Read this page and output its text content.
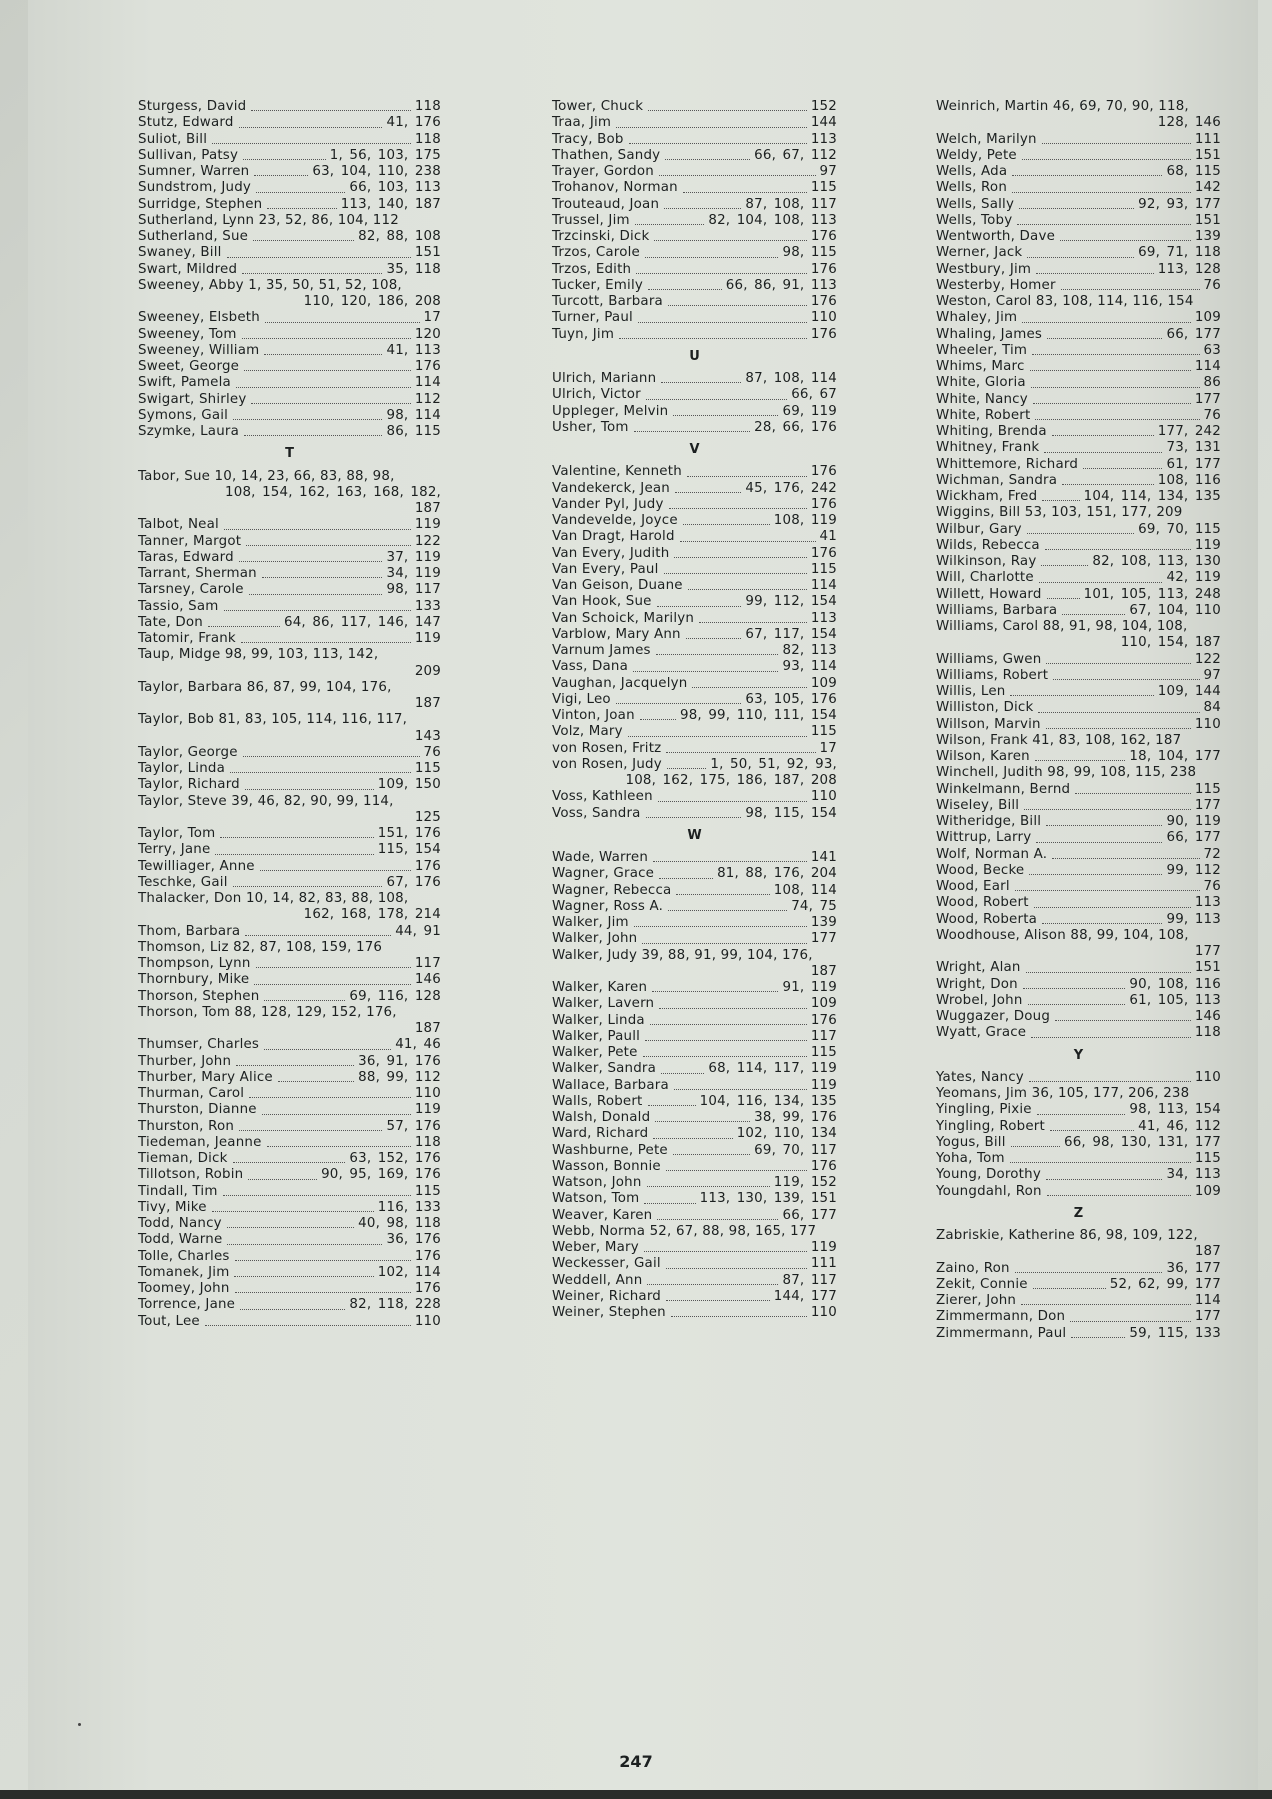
Sturgess, David	118
Stutz, Edward	41, 176
Suliot, Bill	118
Sullivan, Patsy	1, 56, 103, 175
Sumner, Warren	63, 104, 110, 238
Sundstrom, Judy	66, 103, 113
Surridge, Stephen	113, 140, 187
Sutherland, Lynn 23, 52, 86, 104, 112
Sutherland, Sue	82, 88, 108
Swaney, Bill	151
Swart, Mildred	35, 118
Sweeney, Abby 1, 35, 50, 51, 52, 108,
110, 120, 186, 208
Sweeney, Elsbeth	17
Sweeney, Tom	120
Sweeney, William	41, 113
Sweet, George	176
Swift, Pamela	114
Swigart, Shirley	112
Symons, Gail	98, 114
Szymke, Laura	86, 115
T
Tabor, Sue 10, 14, 23, 66, 83, 88, 98,
108, 154, 162, 163, 168, 182,
187
Talbot, Neal	119
Tanner, Margot	122
Taras, Edward	37, 119
Tarrant, Sherman	34, 119
Tarsney, Carole	98, 117
Tassio, Sam	133
Tate, Don	64, 86, 117, 146, 147
Tatomir, Frank	119
Taup, Midge 98, 99, 103, 113, 142,
209
Taylor, Barbara 86, 87, 99, 104, 176,
187
Taylor, Bob 81, 83, 105, 114, 116, 117,
143
Taylor, George	76
Taylor, Linda	115
Taylor, Richard	109, 150
Taylor, Steve 39, 46, 82, 90, 99, 114,
125
Taylor, Tom	151, 176
Terry, Jane	115, 154
Tewilliager, Anne	176
Teschke, Gail	67, 176
Thalacker, Don 10, 14, 82, 83, 88, 108,
162, 168, 178, 214
Thom, Barbara	44, 91
Thomson, Liz 82, 87, 108, 159, 176
Thompson, Lynn	117
Thornbury, Mike	146
Thorson, Stephen	69, 116, 128
Thorson, Tom 88, 128, 129, 152, 176,
187
Thumser, Charles	41, 46
Thurber, John	36, 91, 176
Thurber, Mary Alice	88, 99, 112
Thurman, Carol	110
Thurston, Dianne	119
Thurston, Ron	57, 176
Tiedeman, Jeanne	118
Tieman, Dick	63, 152, 176
Tillotson, Robin	90, 95, 169, 176
Tindall, Tim	115
Tivy, Mike	116, 133
Todd, Nancy	40, 98, 118
Todd, Warne	36, 176
Tolle, Charles	176
Tomanek, Jim	102, 114
Toomey, John	176
Torrence, Jane	82, 118, 228
Tout, Lee	110
Tower, Chuck	152
Traa, Jim	144
Tracy, Bob	113
Thathen, Sandy	66, 67, 112
Trayer, Gordon	97
Trohanov, Norman	115
Trouteaud, Joan	87, 108, 117
Trussel, Jim	82, 104, 108, 113
Trzcinski, Dick	176
Trzos, Carole	98, 115
Trzos, Edith	176
Tucker, Emily	66, 86, 91, 113
Turcott, Barbara	176
Turner, Paul	110
Tuyn, Jim	176
U
Ulrich, Mariann	87, 108, 114
Ulrich, Victor	66, 67
Uppleger, Melvin	69, 119
Usher, Tom	28, 66, 176
V
Valentine, Kenneth	176
Vandekerck, Jean	45, 176, 242
Vander Pyl, Judy	176
Vandevelde, Joyce	108, 119
Van Dragt, Harold	41
Van Every, Judith	176
Van Every, Paul	115
Van Geison, Duane	114
Van Hook, Sue	99, 112, 154
Van Schoick, Marilyn	113
Varblow, Mary Ann	67, 117, 154
Varnum James	82, 113
Vass, Dana	93, 114
Vaughan, Jacquelyn	109
Vigi, Leo	63, 105, 176
Vinton, Joan	98, 99, 110, 111, 154
Volz, Mary	115
von Rosen, Fritz	17
von Rosen, Judy	1, 50, 51, 92, 93,
108, 162, 175, 186, 187, 208
Voss, Kathleen	110
Voss, Sandra	98, 115, 154
W
Wade, Warren	141
Wagner, Grace	81, 88, 176, 204
Wagner, Rebecca	108, 114
Wagner, Ross A.	74, 75
Walker, Jim	139
Walker, John	177
Walker, Judy 39, 88, 91, 99, 104, 176,
187
Walker, Karen	91, 119
Walker, Lavern	109
Walker, Linda	176
Walker, Paull	117
Walker, Pete	115
Walker, Sandra	68, 114, 117, 119
Wallace, Barbara	119
Walls, Robert	104, 116, 134, 135
Walsh, Donald	38, 99, 176
Ward, Richard	102, 110, 134
Washburne, Pete	69, 70, 117
Wasson, Bonnie	176
Watson, John	119, 152
Watson, Tom	113, 130, 139, 151
Weaver, Karen	66, 177
Webb, Norma 52, 67, 88, 98, 165, 177
Weber, Mary	119
Weckesser, Gail	111
Weddell, Ann	87, 117
Weiner, Richard	144, 177
Weiner, Stephen	110
Weinrich, Martin 46, 69, 70, 90, 118,
128, 146
Welch, Marilyn	111
Weldy, Pete	151
Wells, Ada	68, 115
Wells, Ron	142
Wells, Sally	92, 93, 177
Wells, Toby	151
Wentworth, Dave	139
Werner, Jack	69, 71, 118
Westbury, Jim	113, 128
Westerby, Homer	76
Weston, Carol 83, 108, 114, 116, 154
Whaley, Jim	109
Whaling, James	66, 177
Wheeler, Tim	63
Whims, Marc	114
White, Gloria	86
White, Nancy	177
White, Robert	76
Whiting, Brenda	177, 242
Whitney, Frank	73, 131
Whittemore, Richard	61, 177
Wichman, Sandra	108, 116
Wickham, Fred	104, 114, 134, 135
Wiggins, Bill 53, 103, 151, 177, 209
Wilbur, Gary	69, 70, 115
Wilds, Rebecca	119
Wilkinson, Ray	82, 108, 113, 130
Will, Charlotte	42, 119
Willett, Howard	101, 105, 113, 248
Williams, Barbara	67, 104, 110
Williams, Carol 88, 91, 98, 104, 108,
110, 154, 187
Williams, Gwen	122
Williams, Robert	97
Willis, Len	109, 144
Williston, Dick	84
Willson, Marvin	110
Wilson, Frank 41, 83, 108, 162, 187
Wilson, Karen	18, 104, 177
Winchell, Judith 98, 99, 108, 115, 238
Winkelmann, Bernd	115
Wiseley, Bill	177
Witheridge, Bill	90, 119
Wittrup, Larry	66, 177
Wolf, Norman A.	72
Wood, Becke	99, 112
Wood, Earl	76
Wood, Robert	113
Wood, Roberta	99, 113
Woodhouse, Alison 88, 99, 104, 108,
177
Wright, Alan	151
Wright, Don	90, 108, 116
Wrobel, John	61, 105, 113
Wuggazer, Doug	146
Wyatt, Grace	118
Y
Yates, Nancy	110
Yeomans, Jim 36, 105, 177, 206, 238
Yingling, Pixie	98, 113, 154
Yingling, Robert	41, 46, 112
Yogus, Bill	66, 98, 130, 131, 177
Yoha, Tom	115
Young, Dorothy	34, 113
Youngdahl, Ron	109
Z
Zabriskie, Katherine 86, 98, 109, 122,
187
Zaino, Ron	36, 177
Zekit, Connie	52, 62, 99, 177
Zierer, John	114
Zimmermann, Don	177
Zimmermann, Paul	59, 115, 133
247
